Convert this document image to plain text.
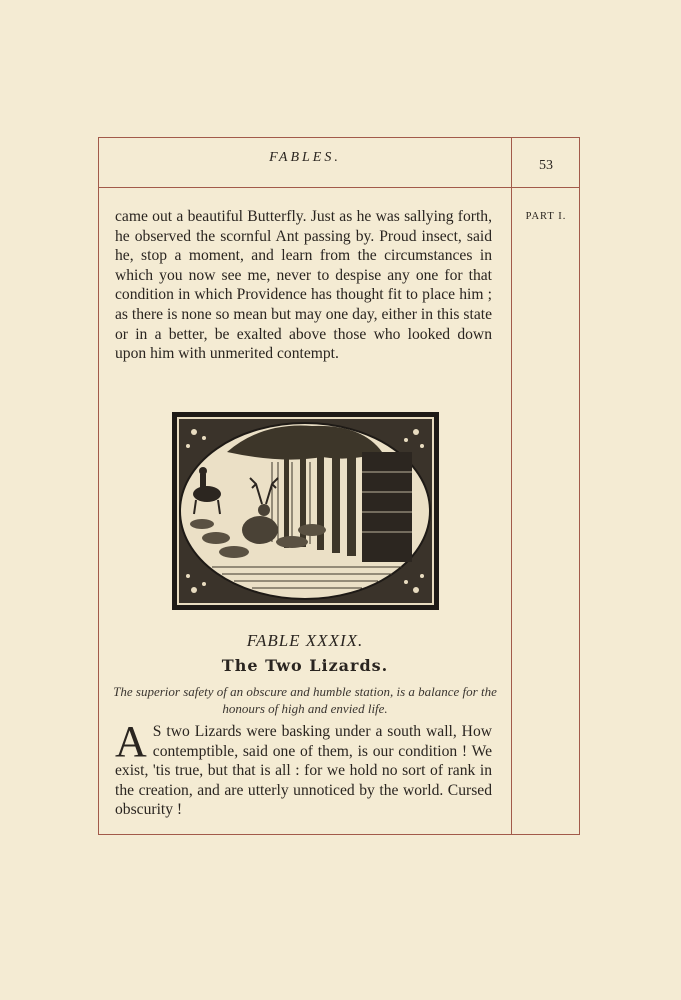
FABLES.
53
PART I.

came out a beautiful Butterfly. Just as he was sallying forth, he observed the scornful Ant passing by. Proud insect, said he, stop a moment, and learn from the circumstances in which you now see me, never to despise any one for that condition in which Providence has thought fit to place him ; as there is none so mean but may one day, either in this state or in a better, be exalted above those who looked down upon him with unmerited contempt.

FABLE XXXIX.
The Two Lizards.
The superior safety of an obscure and humble station, is a balance for the honours of high and envied life.

A S two Lizards were basking under a south wall, How contemptible, said one of them, is our condition ! We exist, 'tis true, but that is all : for we hold no sort of rank in the creation, and are utterly unnoticed by the world. Cursed obscurity !
